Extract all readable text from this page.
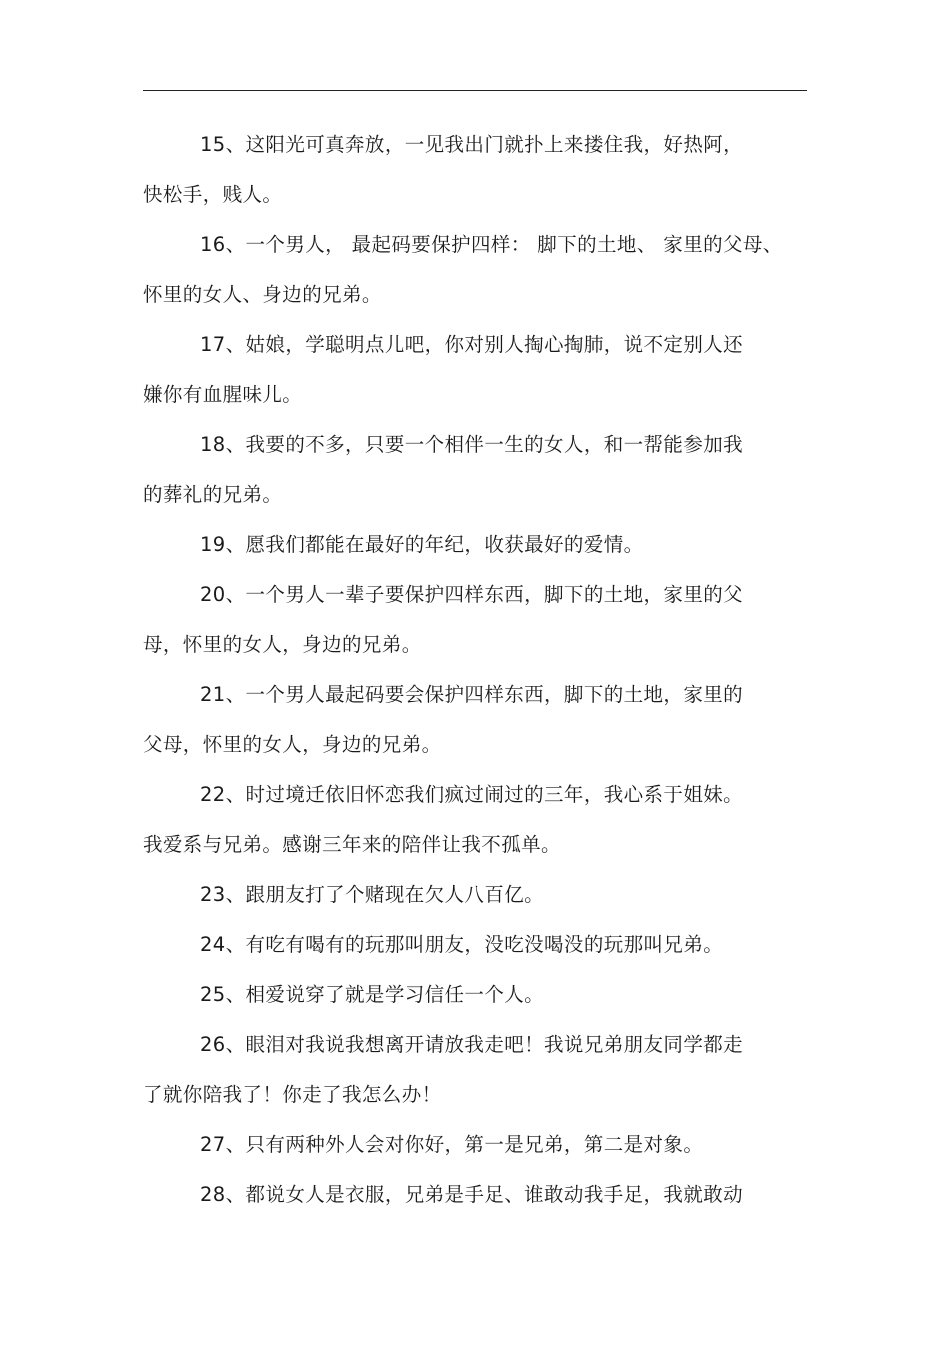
15、这阳光可真奔放，一见我出门就扑上来搂住我，好热阿，
快松手，贱人。

16、一个男人， 最起码要保护四样： 脚下的土地、 家里的父母、
怀里的女人、身边的兄弟。

17、姑娘，学聪明点儿吧，你对别人掏心掏肺，说不定别人还
嫌你有血腥味儿。

18、我要的不多，只要一个相伴一生的女人，和一帮能参加我
的葬礼的兄弟。

19、愿我们都能在最好的年纪，收获最好的爱情。

20、一个男人一辈子要保护四样东西，脚下的土地，家里的父
母，怀里的女人，身边的兄弟。

21、一个男人最起码要会保护四样东西，脚下的土地，家里的
父母，怀里的女人，身边的兄弟。

22、时过境迁依旧怀恋我们疯过闹过的三年，我心系于姐妹。
我爱系与兄弟。感谢三年来的陪伴让我不孤单。

23、跟朋友打了个赌现在欠人八百亿。

24、有吃有喝有的玩那叫朋友，没吃没喝没的玩那叫兄弟。

25、相爱说穿了就是学习信任一个人。

26、眼泪对我说我想离开请放我走吧！我说兄弟朋友同学都走
了就你陪我了！你走了我怎么办！

27、只有两种外人会对你好，第一是兄弟，第二是对象。

28、都说女人是衣服，兄弟是手足、谁敢动我手足，我就敢动
